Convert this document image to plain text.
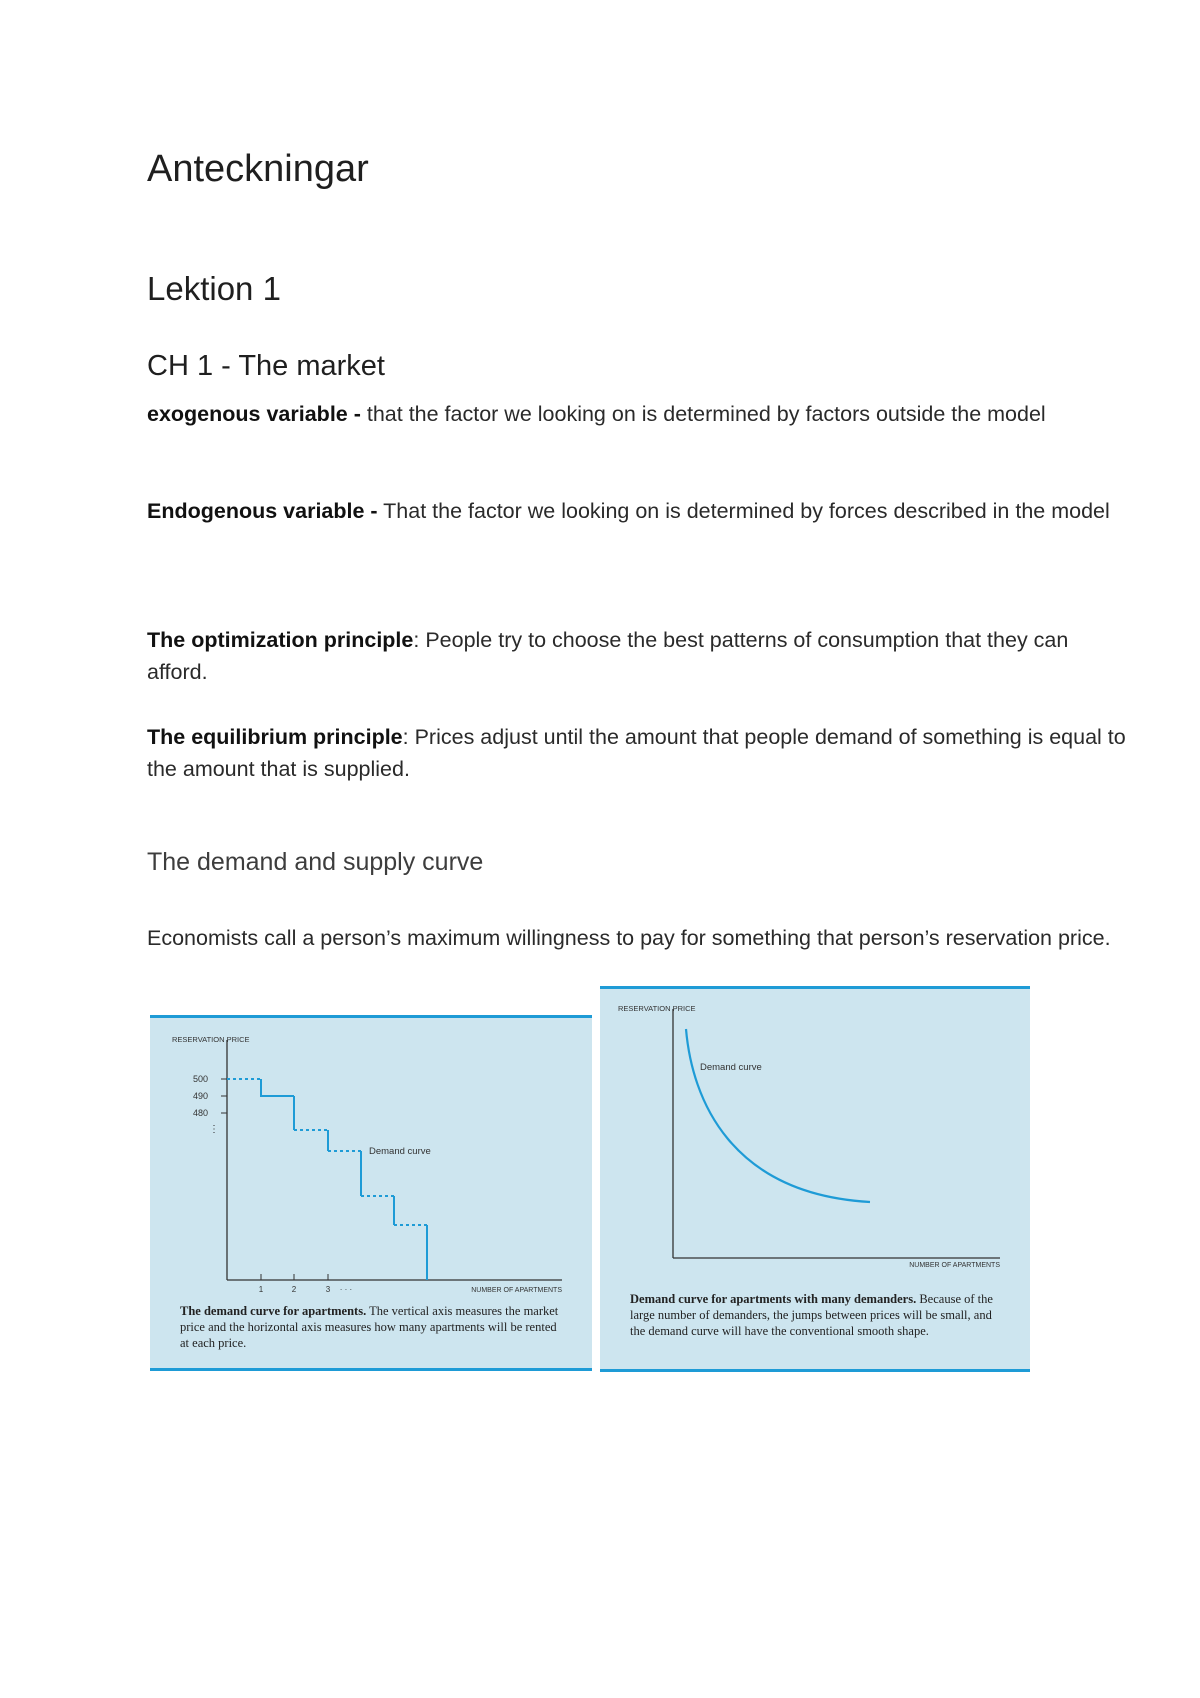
Anteckningar
Lektion 1
CH 1 - The market

exogenous variable - that the factor we looking on is determined by factors outside the model

Endogenous variable - That the factor we looking on is determined by forces described in the model

The optimization principle: People try to choose the best patterns of consumption that they can afford.

The equilibrium principle: Prices adjust until the amount that people demand of something is equal to the amount that is supplied.

The demand and supply curve

Economists call a person’s maximum willingness to pay for something that person’s reservation price.

RESERVATION PRICE
500
490
480
⋮
Demand curve
1	2	3 · · ·	NUMBER OF APARTMENTS
The demand curve for apartments. The vertical axis measures the market price and the horizontal axis measures how many apartments will be rented at each price.
RESERVATION PRICE
Demand curve
NUMBER OF APARTMENTS
Demand curve for apartments with many demanders. Because of the large number of demanders, the jumps between prices will be small, and the demand curve will have the conventional smooth shape.
